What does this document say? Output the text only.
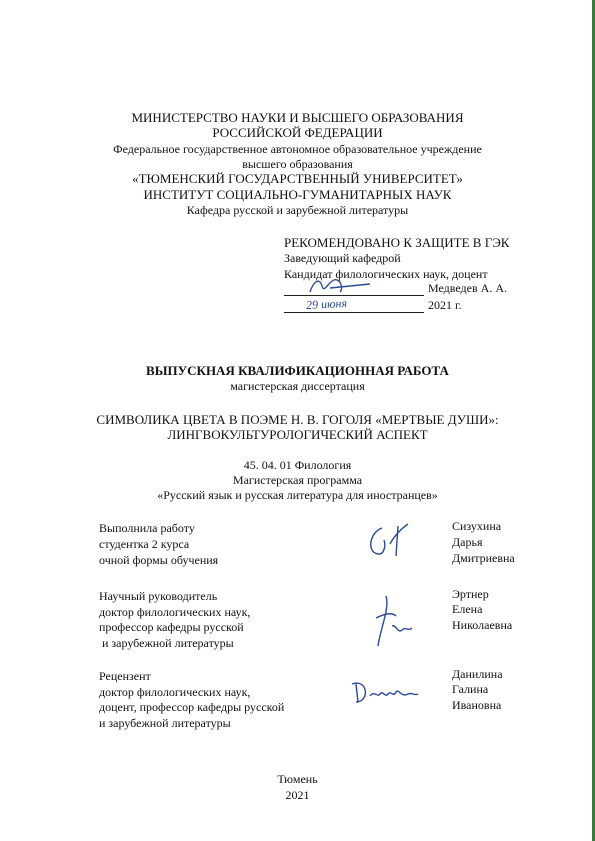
МИНИСТЕРСТВО НАУКИ И ВЫСШЕГО ОБРАЗОВАНИЯ
РОССИЙСКОЙ ФЕДЕРАЦИИ
Федеральное государственное автономное образовательное учреждение
высшего образования
«ТЮМЕНСКИЙ ГОСУДАРСТВЕННЫЙ УНИВЕРСИТЕТ»
ИНСТИТУТ СОЦИАЛЬНО-ГУМАНИТАРНЫХ НАУК
Кафедра русской и зарубежной литературы
РЕКОМЕНДОВАНО К ЗАЩИТЕ В ГЭК
Заведующий кафедрой
Кандидат филологических наук, доцент
Медведев А. А.
29 июня	2021 г.
ВЫПУСКНАЯ КВАЛИФИКАЦИОННАЯ РАБОТА
магистерская диссертация
СИМВОЛИКА ЦВЕТА В ПОЭМЕ Н. В. ГОГОЛЯ «МЕРТВЫЕ ДУШИ»:
ЛИНГВОКУЛЬТУРОЛОГИЧЕСКИЙ АСПЕКТ
45. 04. 01 Филология
Магистерская программа
«Русский язык и русская литература для иностранцев»
Выполнила работу
студентка 2 курса
очной формы обучения
Сизухина
Дарья
Дмитриевна
Научный руководитель
доктор филологических наук,
профессор кафедры русской
и зарубежной литературы
Эртнер
Елена
Николаевна
Рецензент
доктор филологических наук,
доцент, профессор кафедры русской
и зарубежной литературы
Данилина
Галина
Ивановна
Тюмень
2021
